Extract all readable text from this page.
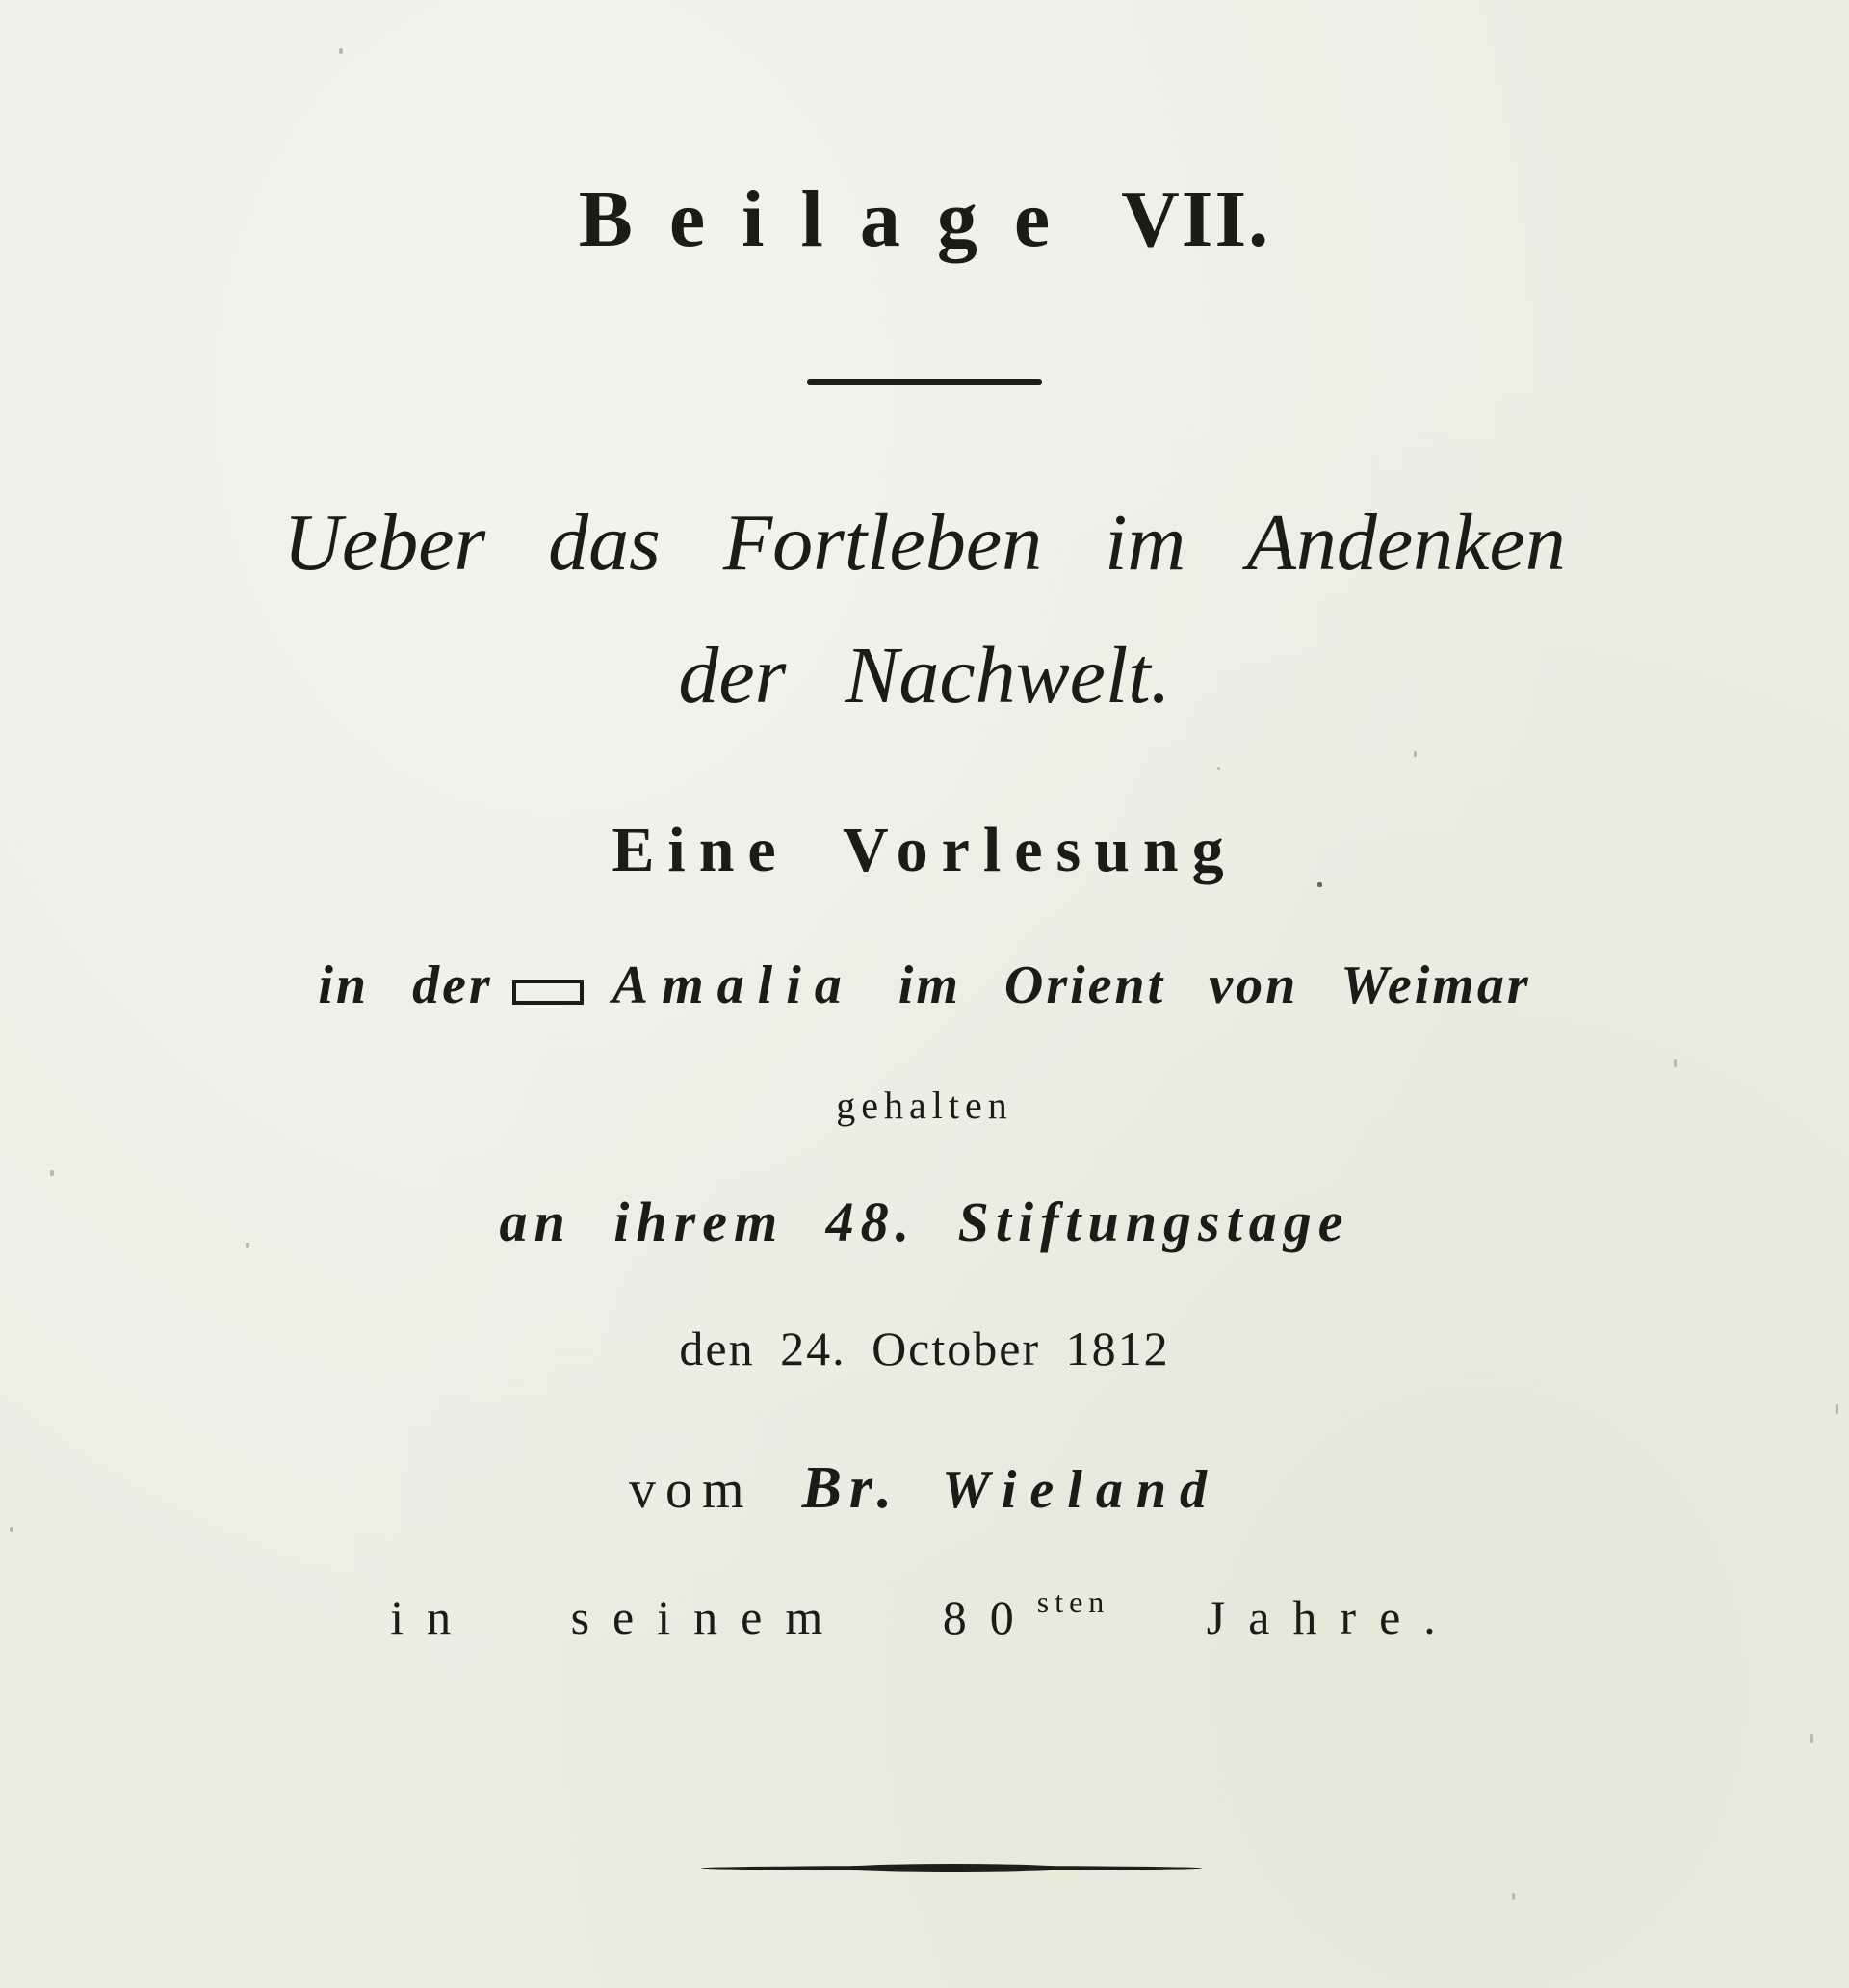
Beilage VII.
Ueber das Fortleben im Andenken
der Nachwelt.
Eine Vorlesung
in der Amalia im Orient von Weimar
gehalten
an ihrem 48. Stiftungstage
den 24. October 1812
vom Br. Wieland
in seinem $80^{sten}$ Jahre.
